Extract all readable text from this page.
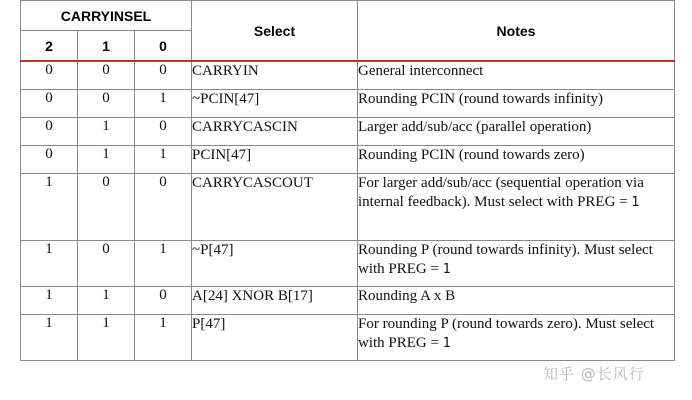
CARRYINSEL			Select	Notes
2	1	0		
0	0	0	CARRYIN	General interconnect
0	0	1	~PCIN[47]	Rounding PCIN (round towards infinity)
0	1	0	CARRYCASCIN	Larger add/sub/acc (parallel operation)
0	1	1	PCIN[47]	Rounding PCIN (round towards zero)
1	0	0	CARRYCASCOUT	For larger add/sub/acc (sequential operation via internal feedback). Must select with PREG = 1
1	0	1	~P[47]	Rounding P (round towards infinity). Must select with PREG = 1
1	1	0	A[24] XNOR B[17]	Rounding A x B
1	1	1	P[47]	For rounding P (round towards zero). Must select with PREG = 1
知乎 @长风行
